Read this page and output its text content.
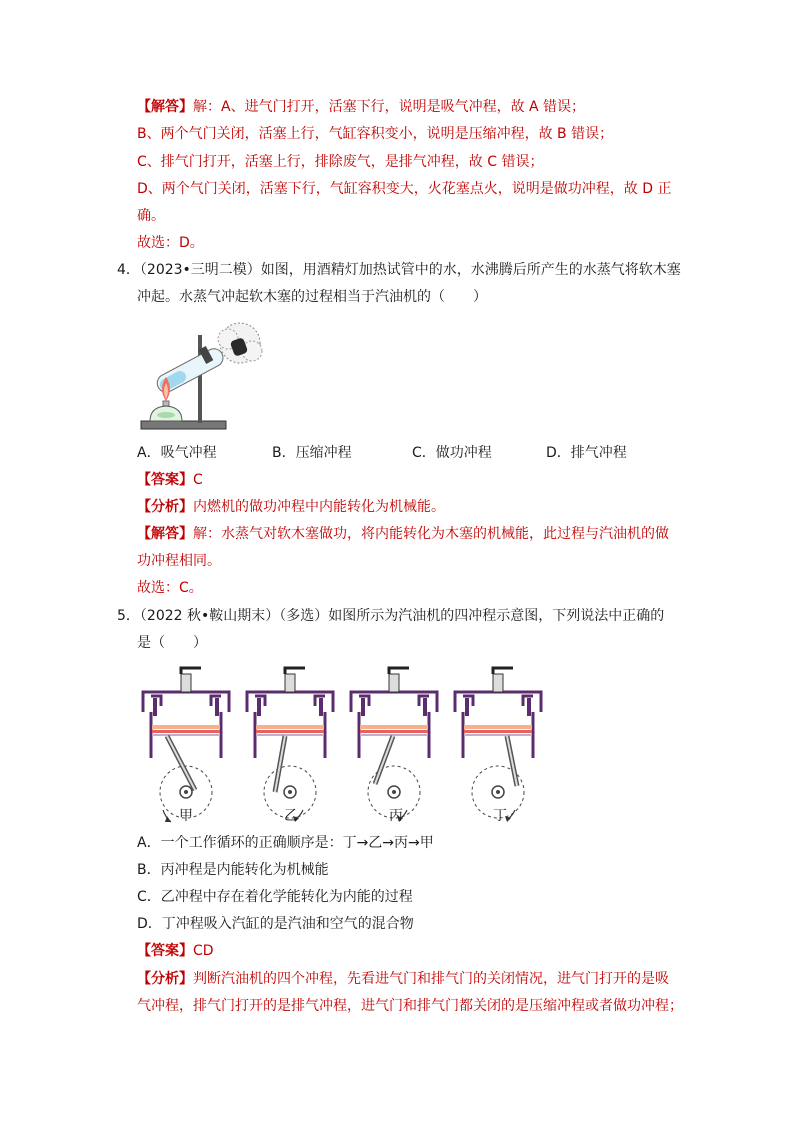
【解答】解：A、进气门打开，活塞下行，说明是吸气冲程，故 A 错误；
B、两个气门关闭，活塞上行，气缸容积变小，说明是压缩冲程，故 B 错误；
C、排气门打开，活塞上行，排除废气，是排气冲程，故 C 错误；
D、两个气门关闭，活塞下行，气缸容积变大，火花塞点火，说明是做功冲程，故 D 正
确。
故选：D。
4．（2023•三明二模）如图，用酒精灯加热试管中的水，水沸腾后所产生的水蒸气将软木塞
冲起。水蒸气冲起软木塞的过程相当于汽油机的（　　）
A．吸气冲程	B．压缩冲程	C．做功冲程	D．排气冲程
【答案】C
【分析】内燃机的做功冲程中内能转化为机械能。
【解答】解：水蒸气对软木塞做功，将内能转化为木塞的机械能，此过程与汽油机的做
功冲程相同。
故选：C。
5．（2022 秋•鞍山期末）（多选）如图所示为汽油机的四冲程示意图，下列说法中正确的
是（　　）
甲	乙	丙	丁
A．一个工作循环的正确顺序是：丁→乙→丙→甲
B．丙冲程是内能转化为机械能
C．乙冲程中存在着化学能转化为内能的过程
D．丁冲程吸入汽缸的是汽油和空气的混合物
【答案】CD
【分析】判断汽油机的四个冲程，先看进气门和排气门的关闭情况，进气门打开的是吸
气冲程，排气门打开的是排气冲程，进气门和排气门都关闭的是压缩冲程或者做功冲程；
